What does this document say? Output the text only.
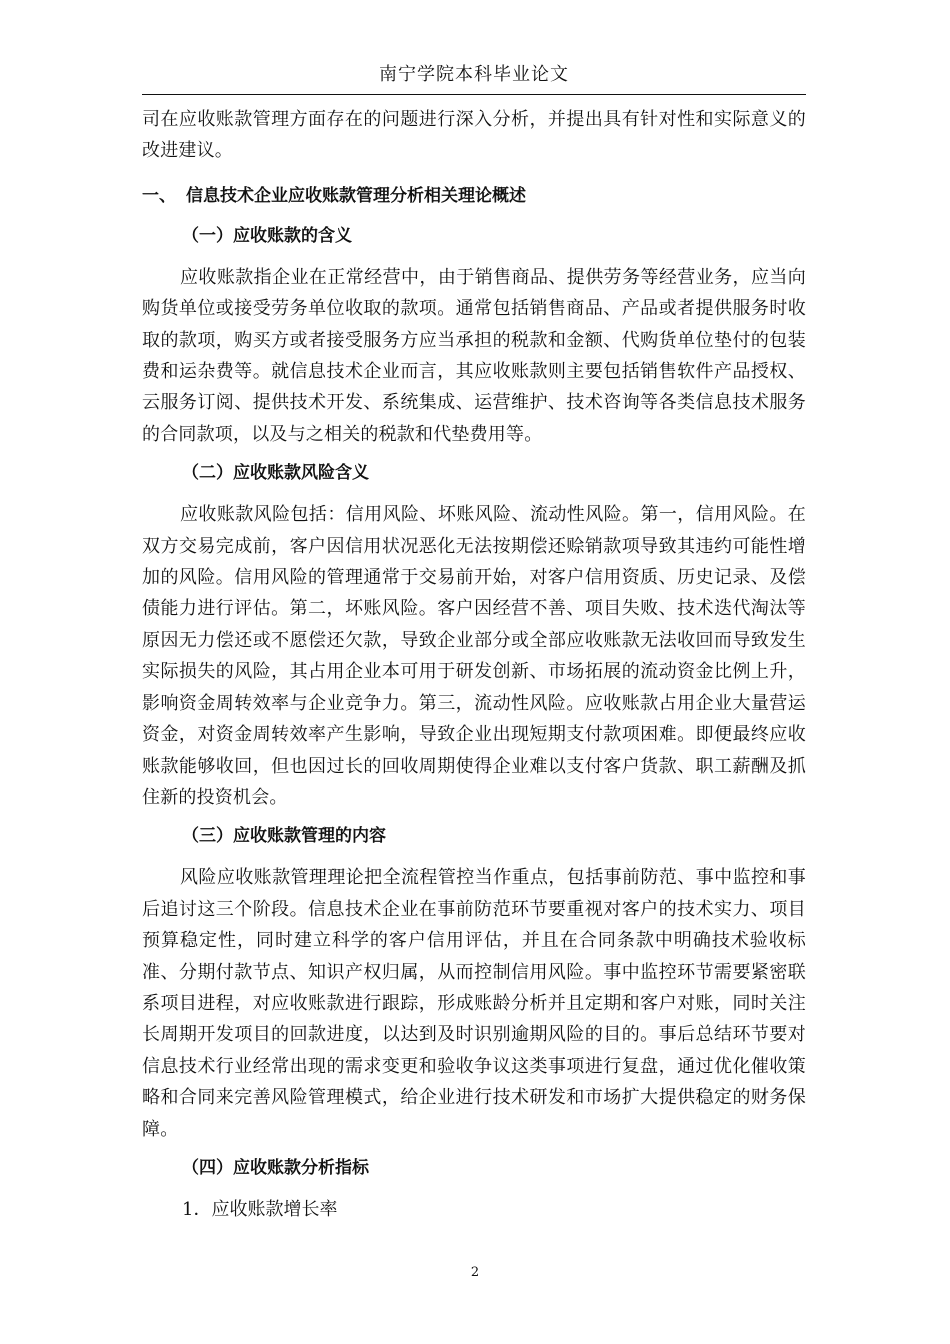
南宁学院本科毕业论文

司在应收账款管理方面存在的问题进行深入分析，并提出具有针对性和实际意义的改进建议。

一、 信息技术企业应收账款管理分析相关理论概述
（一）应收账款的含义

应收账款指企业在正常经营中，由于销售商品、提供劳务等经营业务，应当向购货单位或接受劳务单位收取的款项。通常包括销售商品、产品或者提供服务时收取的款项，购买方或者接受服务方应当承担的税款和金额、代购货单位垫付的包装费和运杂费等。就信息技术企业而言，其应收账款则主要包括销售软件产品授权、云服务订阅、提供技术开发、系统集成、运营维护、技术咨询等各类信息技术服务的合同款项，以及与之相关的税款和代垫费用等。

（二）应收账款风险含义

应收账款风险包括：信用风险、坏账风险、流动性风险。第一，信用风险。在双方交易完成前，客户因信用状况恶化无法按期偿还赊销款项导致其违约可能性增加的风险。信用风险的管理通常于交易前开始，对客户信用资质、历史记录、及偿债能力进行评估。第二，坏账风险。客户因经营不善、项目失败、技术迭代淘汰等原因无力偿还或不愿偿还欠款，导致企业部分或全部应收账款无法收回而导致发生实际损失的风险，其占用企业本可用于研发创新、市场拓展的流动资金比例上升，影响资金周转效率与企业竞争力。第三，流动性风险。应收账款占用企业大量营运资金，对资金周转效率产生影响，导致企业出现短期支付款项困难。即便最终应收账款能够收回，但也因过长的回收周期使得企业难以支付客户货款、职工薪酬及抓住新的投资机会。

（三）应收账款管理的内容

风险应收账款管理理论把全流程管控当作重点，包括事前防范、事中监控和事后追讨这三个阶段。信息技术企业在事前防范环节要重视对客户的技术实力、项目预算稳定性，同时建立科学的客户信用评估，并且在合同条款中明确技术验收标准、分期付款节点、知识产权归属，从而控制信用风险。事中监控环节需要紧密联系项目进程，对应收账款进行跟踪，形成账龄分析并且定期和客户对账，同时关注长周期开发项目的回款进度，以达到及时识别逾期风险的目的。事后总结环节要对信息技术行业经常出现的需求变更和验收争议这类事项进行复盘，通过优化催收策略和合同来完善风险管理模式，给企业进行技术研发和市场扩大提供稳定的财务保障。

（四）应收账款分析指标
1．应收账款增长率
2
